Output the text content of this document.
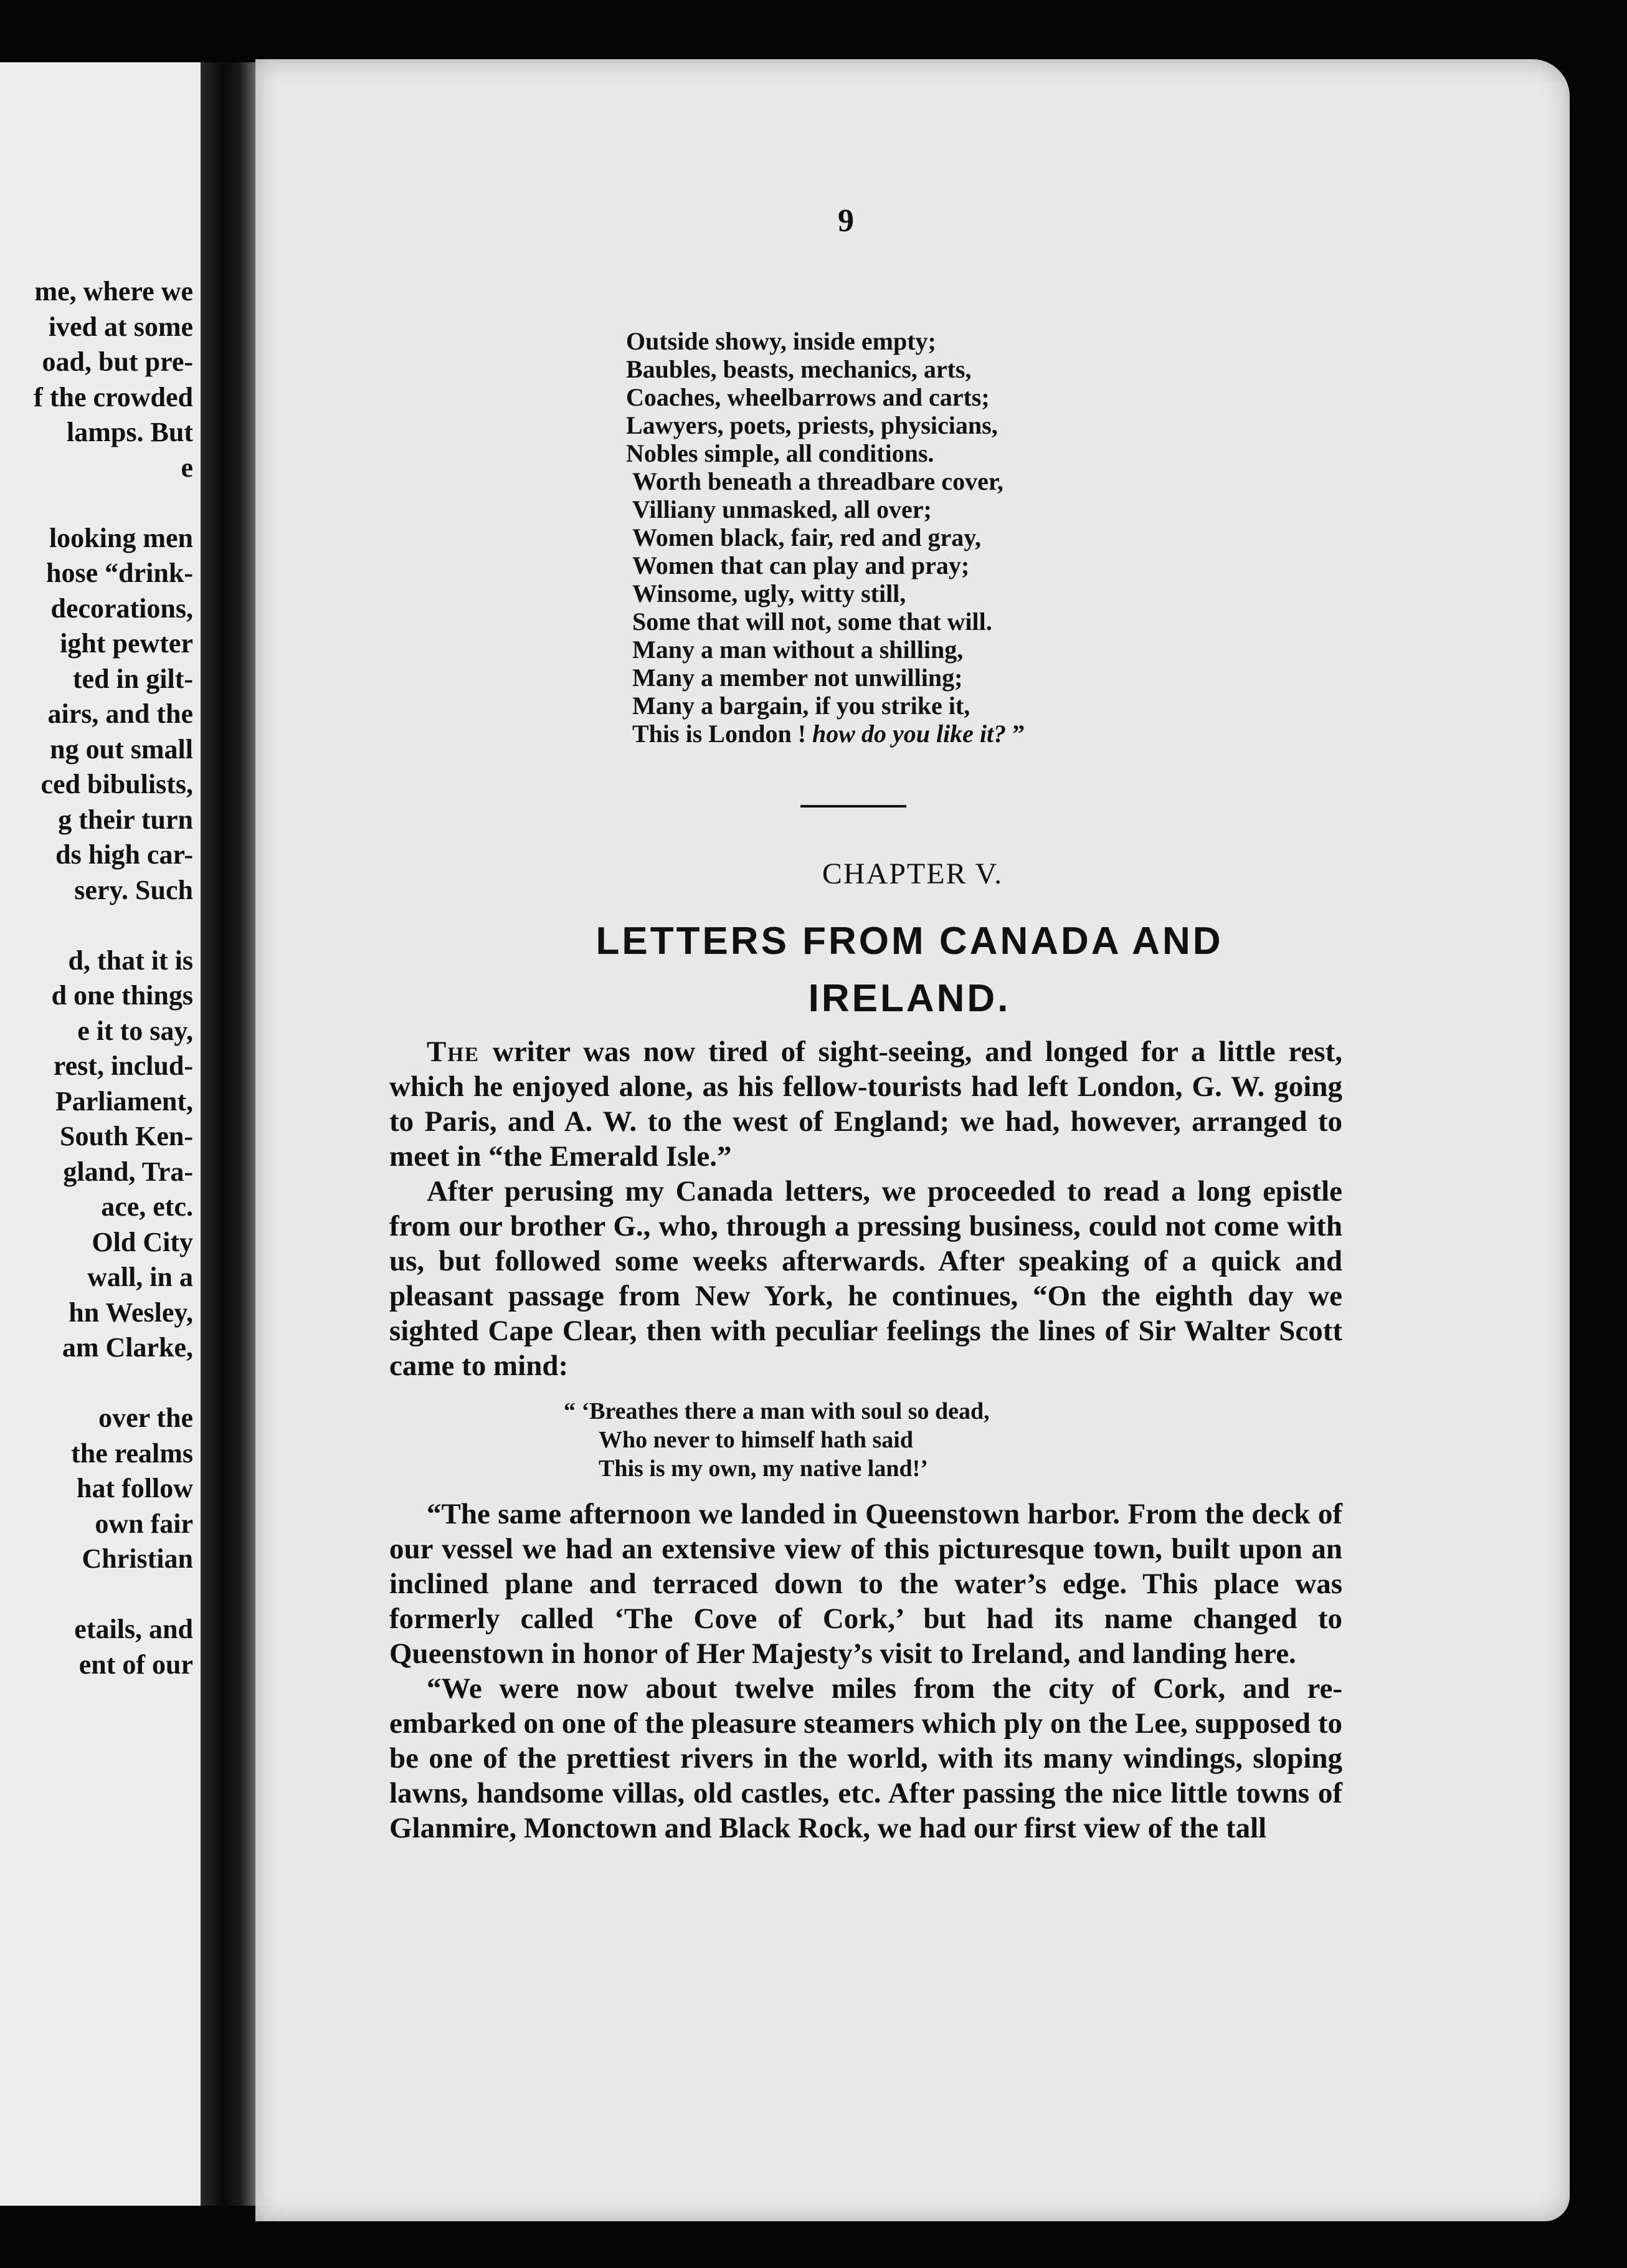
me, where we
ived at some
oad, but pre-
f the crowded
lamps. But
e
looking men
hose “drink-
decorations,
ight pewter
ted in gilt-
airs, and the
ng out small
ced bibulists,
g their turn
ds high car-
sery. Such
d, that it is
d one things
e it to say,
rest, includ-
Parliament,
South Ken-
gland, Tra-
ace, etc.
Old City
wall, in a
hn Wesley,
am Clarke,
over the
the realms
hat follow
own fair
Christian
etails, and
ent of our
9
Outside showy, inside empty;
Baubles, beasts, mechanics, arts,
Coaches, wheelbarrows and carts;
Lawyers, poets, priests, physicians,
Nobles simple, all conditions.
Worth beneath a threadbare cover,
Villiany unmasked, all over;
Women black, fair, red and gray,
Women that can play and pray;
Winsome, ugly, witty still,
Some that will not, some that will.
Many a man without a shilling,
Many a member not unwilling;
Many a bargain, if you strike it,
This is London ! how do you like it? ”
CHAPTER V.
LETTERS FROM CANADA AND
IRELAND.

The writer was now tired of sight-seeing, and longed for a little rest, which he enjoyed alone, as his fellow-tourists had left London, G. W. going to Paris, and A. W. to the west of England; we had, however, arranged to meet in “the Emerald Isle.”

After perusing my Canada letters, we proceeded to read a long epistle from our brother G., who, through a pressing business, could not come with us, but followed some weeks afterwards. After speaking of a quick and pleasant passage from New York, he continues, “On the eighth day we sighted Cape Clear, then with peculiar feelings the lines of Sir Walter Scott came to mind:

“ ‘Breathes there a man with soul so dead,
Who never to himself hath said
This is my own, my native land!’

“The same afternoon we landed in Queenstown harbor. From the deck of our vessel we had an extensive view of this picturesque town, built upon an inclined plane and terraced down to the water’s edge. This place was formerly called ‘The Cove of Cork,’ but had its name changed to Queenstown in honor of Her Majesty’s visit to Ireland, and landing here.

“We were now about twelve miles from the city of Cork, and re-embarked on one of the pleasure steamers which ply on the Lee, supposed to be one of the prettiest rivers in the world, with its many windings, sloping lawns, handsome villas, old castles, etc. After passing the nice little towns of Glanmire, Monctown and Black Rock, we had our first view of the tall
